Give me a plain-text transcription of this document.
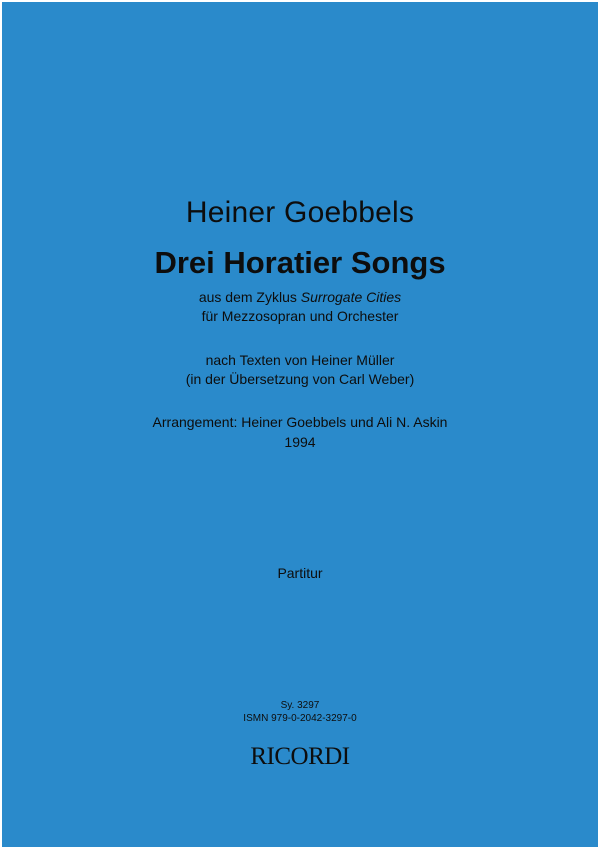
Heiner Goebbels
Drei Horatier Songs
aus dem Zyklus Surrogate Cities
für Mezzosopran und Orchester
nach Texten von Heiner Müller
(in der Übersetzung von Carl Weber)
Arrangement: Heiner Goebbels und Ali N. Askin
1994
Partitur
Sy. 3297
ISMN 979-0-2042-3297-0
RICORDI
